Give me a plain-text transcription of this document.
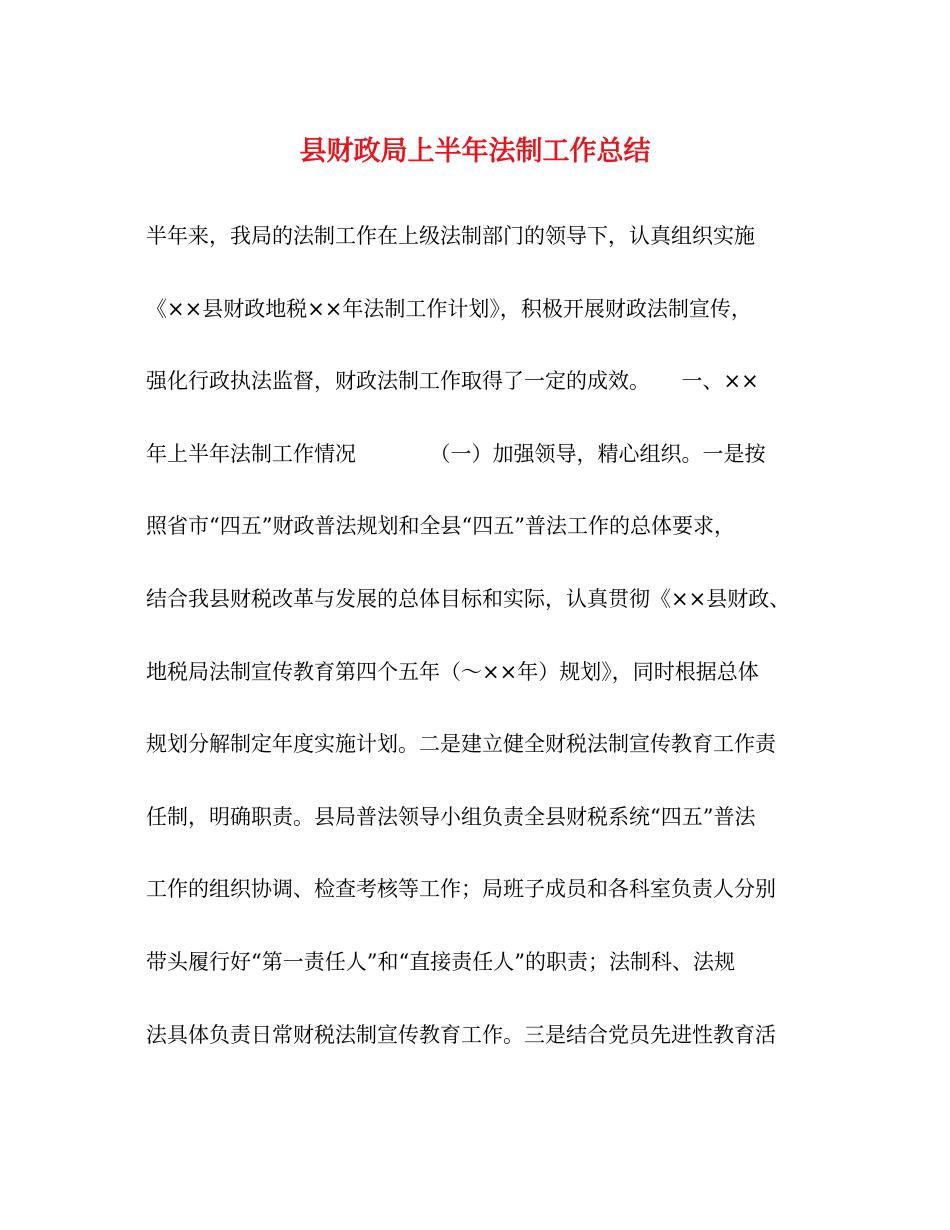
县财政局上半年法制工作总结
半年来，我局的法制工作在上级法制部门的领导下，认真组织实施
《××县财政地税××年法制工作计划》，积极开展财政法制宣传，
强化行政执法监督，财政法制工作取得了一定的成效。　　一、××
年上半年法制工作情况　　　　（一）加强领导，精心组织。一是按
照省市“四五”财政普法规划和全县“四五”普法工作的总体要求，
结合我县财税改革与发展的总体目标和实际，认真贯彻《××县财政、
地税局法制宣传教育第四个五年（～××年）规划》，同时根据总体
规划分解制定年度实施计划。二是建立健全财税法制宣传教育工作责
任制，明确职责。县局普法领导小组负责全县财税系统“四五”普法
工作的组织协调、检查考核等工作；局班子成员和各科室负责人分别
带头履行好“第一责任人”和“直接责任人”的职责；法制科、法规
法具体负责日常财税法制宣传教育工作。三是结合党员先进性教育活
